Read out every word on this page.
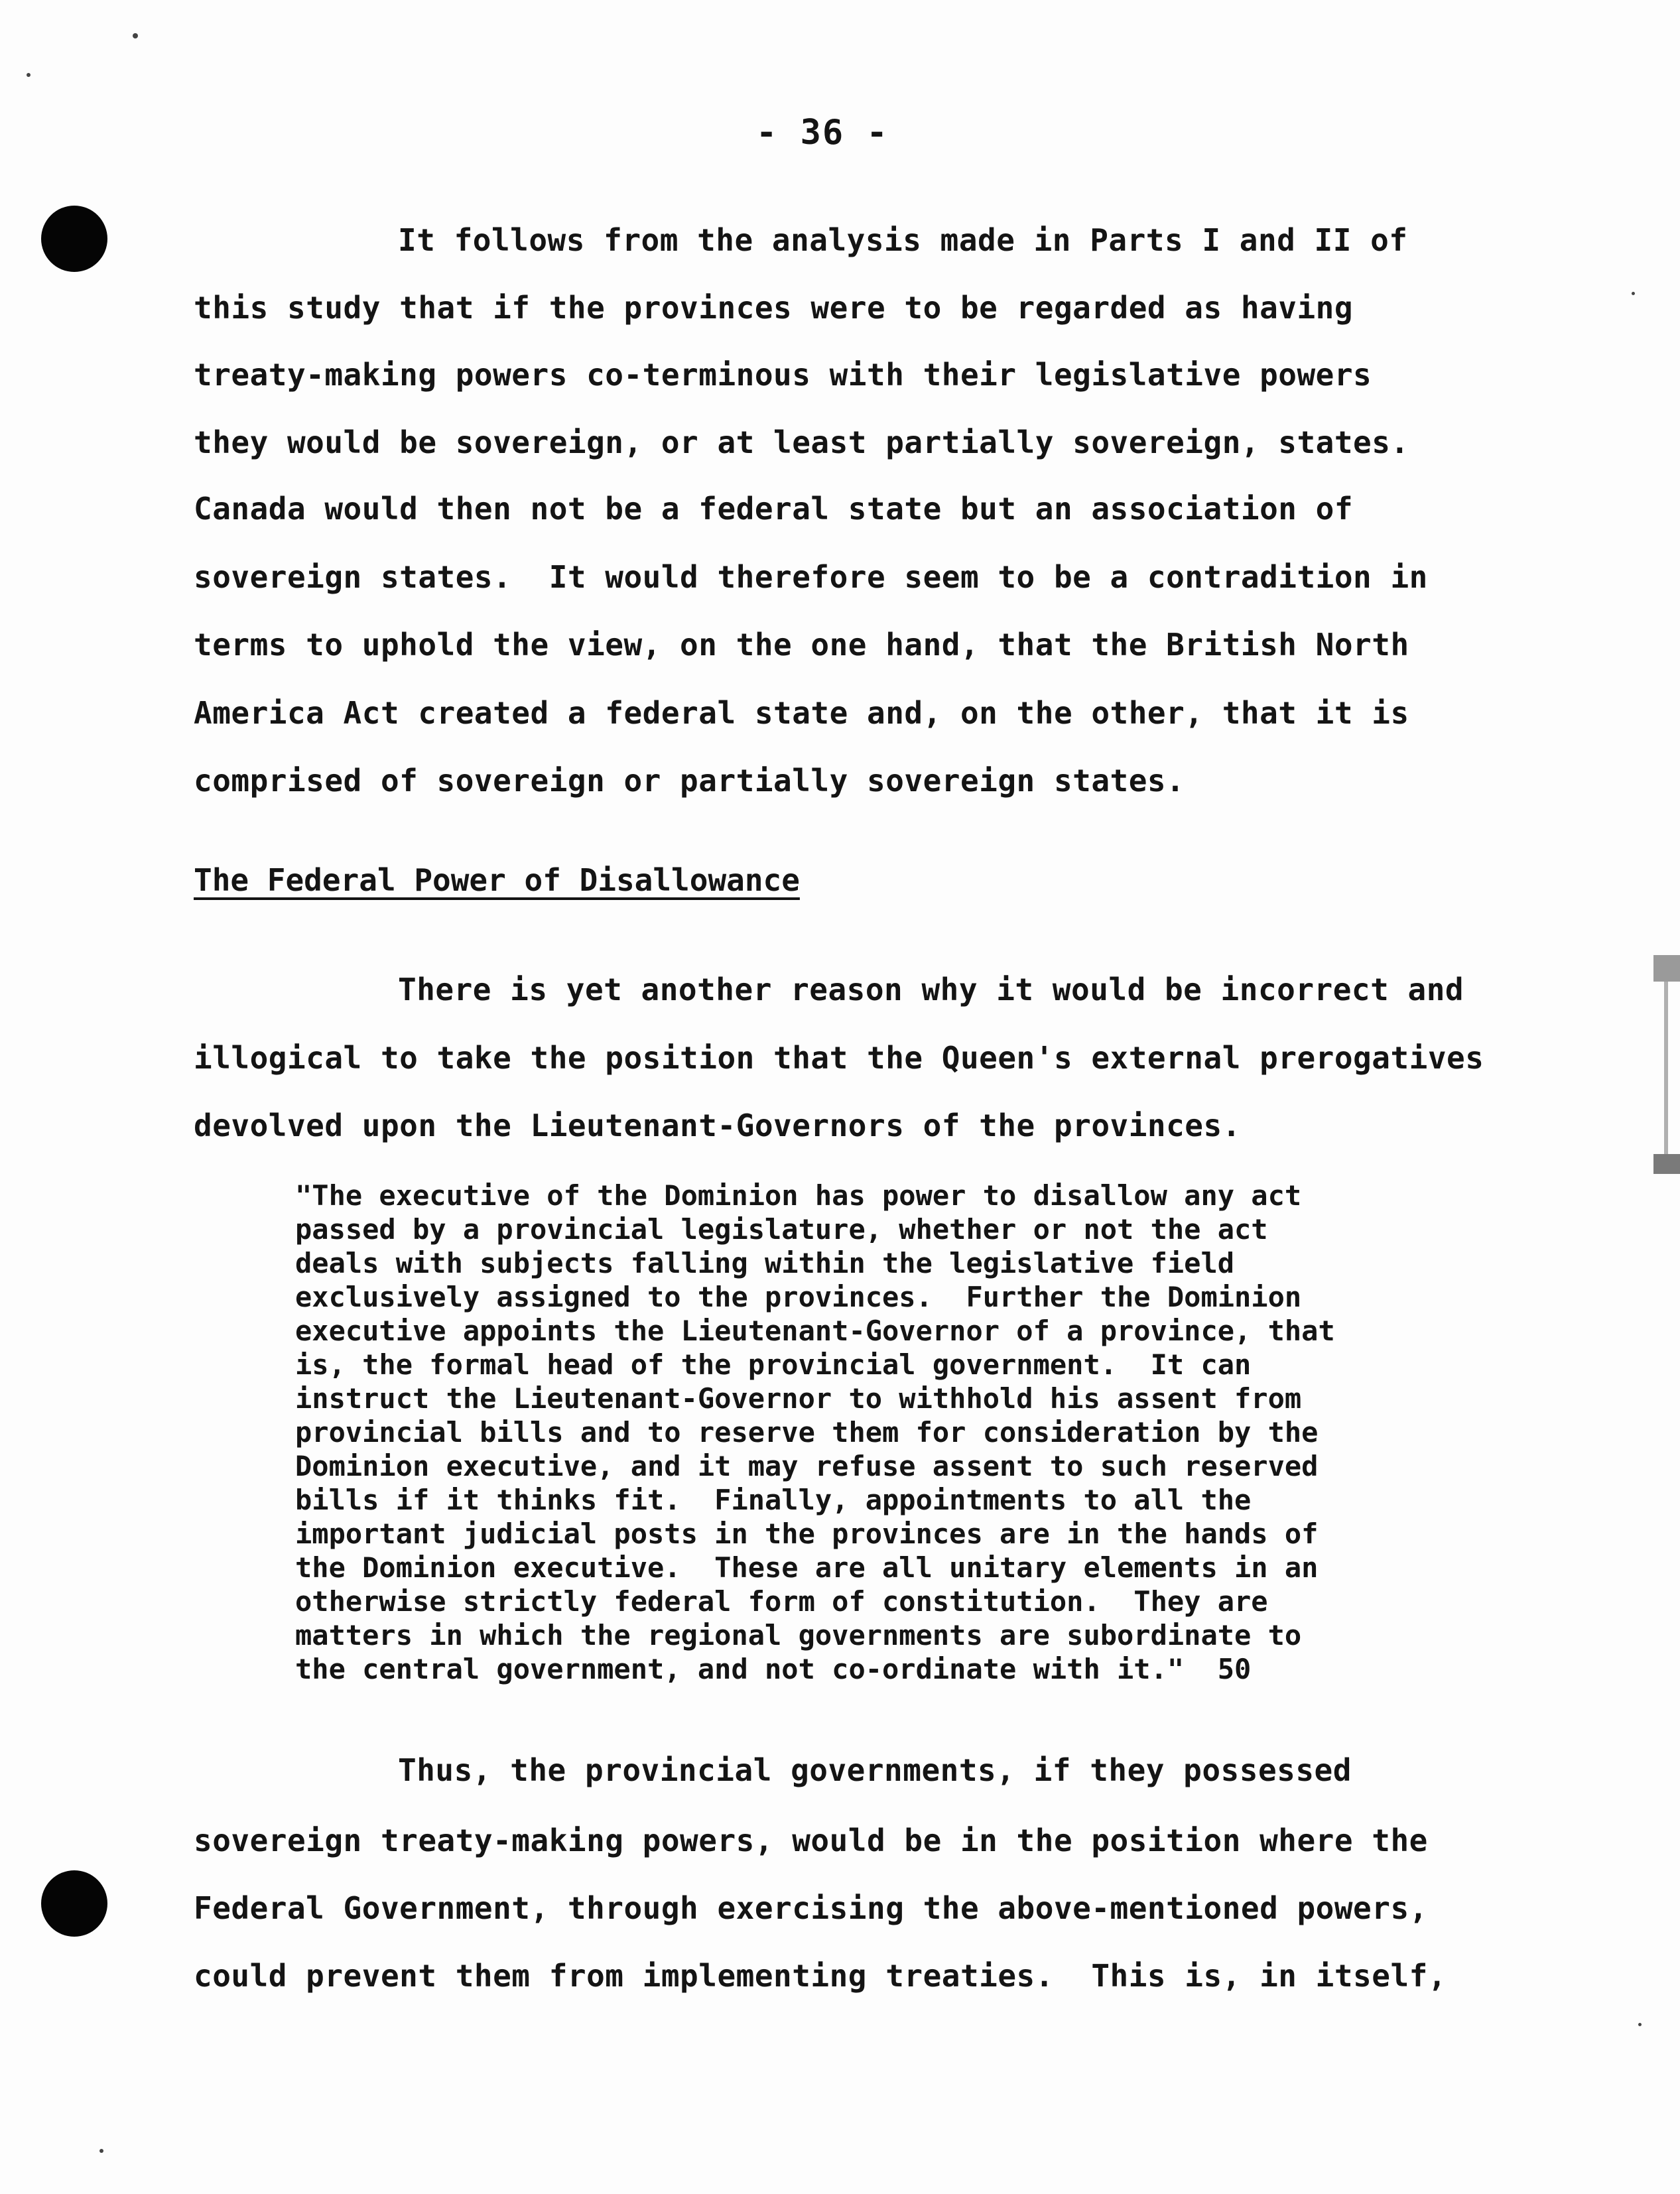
- 36 -
It follows from the analysis made in Parts I and II of
this study that if the provinces were to be regarded as having
treaty-making powers co-terminous with their legislative powers
they would be sovereign, or at least partially sovereign, states.
Canada would then not be a federal state but an association of
sovereign states.  It would therefore seem to be a contradition in
terms to uphold the view, on the one hand, that the British North
America Act created a federal state and, on the other, that it is
comprised of sovereign or partially sovereign states.
The Federal Power of Disallowance
There is yet another reason why it would be incorrect and
illogical to take the position that the Queen's external prerogatives
devolved upon the Lieutenant-Governors of the provinces.
"The executive of the Dominion has power to disallow any act
passed by a provincial legislature, whether or not the act
deals with subjects falling within the legislative field
exclusively assigned to the provinces.  Further the Dominion
executive appoints the Lieutenant-Governor of a province, that
is, the formal head of the provincial government.  It can
instruct the Lieutenant-Governor to withhold his assent from
provincial bills and to reserve them for consideration by the
Dominion executive, and it may refuse assent to such reserved
bills if it thinks fit.  Finally, appointments to all the
important judicial posts in the provinces are in the hands of
the Dominion executive.  These are all unitary elements in an
otherwise strictly federal form of constitution.  They are
matters in which the regional governments are subordinate to
the central government, and not co-ordinate with it."  50
Thus, the provincial governments, if they possessed
sovereign treaty-making powers, would be in the position where the
Federal Government, through exercising the above-mentioned powers,
could prevent them from implementing treaties.  This is, in itself,
